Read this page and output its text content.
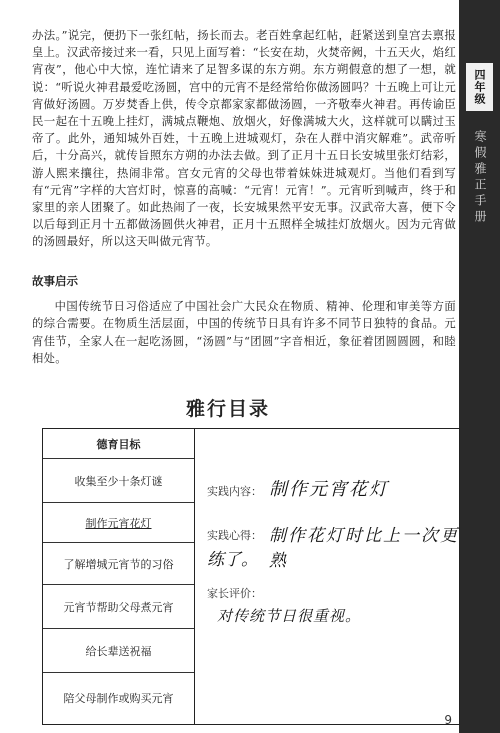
四年级
寒假雅正手册

办法。”说完，便扔下一张红帖，扬长而去。老百姓拿起红帖，赶紧送到皇宫去禀报皇上。汉武帝接过来一看，只见上面写着：“长安在劫，火焚帝阙，十五天火，焰红宵夜”，他心中大惊，连忙请来了足智多谋的东方朔。东方朔假意的想了一想，就说：“听说火神君最爱吃汤圆，宫中的元宵不是经常给你做汤圆吗？十五晚上可让元宵做好汤圆。万岁焚香上供，传令京都家家都做汤圆，一齐敬奉火神君。再传谕臣民一起在十五晚上挂灯，满城点鞭炮、放烟火，好像满城大火，这样就可以瞒过玉帝了。此外，通知城外百姓，十五晚上进城观灯，杂在人群中消灾解难”。武帝听后，十分高兴，就传旨照东方朔的办法去做。到了正月十五日长安城里张灯结彩，游人熙来攘往，热闹非常。宫女元宵的父母也带着妹妹进城观灯。当他们看到写有“元宵”字样的大宫灯时，惊喜的高喊：“元宵！元宵！”。元宵听到喊声，终于和家里的亲人团聚了。如此热闹了一夜，长安城果然平安无事。汉武帝大喜，便下令以后每到正月十五都做汤圆供火神君，正月十五照样全城挂灯放烟火。因为元宵做的汤圆最好，所以这天叫做元宵节。

故事启示

中国传统节日习俗适应了中国社会广大民众在物质、精神、伦理和审美等方面的综合需要。在物质生活层面，中国的传统节日具有许多不同节日独特的食品。元宵佳节，全家人在一起吃汤圆，“汤圆”与“团圆”字音相近，象征着团圆圆圆，和睦相处。

雅行目录
德育目标
收集至少十条灯谜
制作元宵花灯
了解增城元宵节的习俗
元宵节帮助父母煮元宵
给长辈送祝福
陪父母制作或购买元宵
实践内容： 制作元宵花灯
实践心得： 制作花灯时比上一次更熟
练了。
家长评价：
对传统节日很重视。
9
